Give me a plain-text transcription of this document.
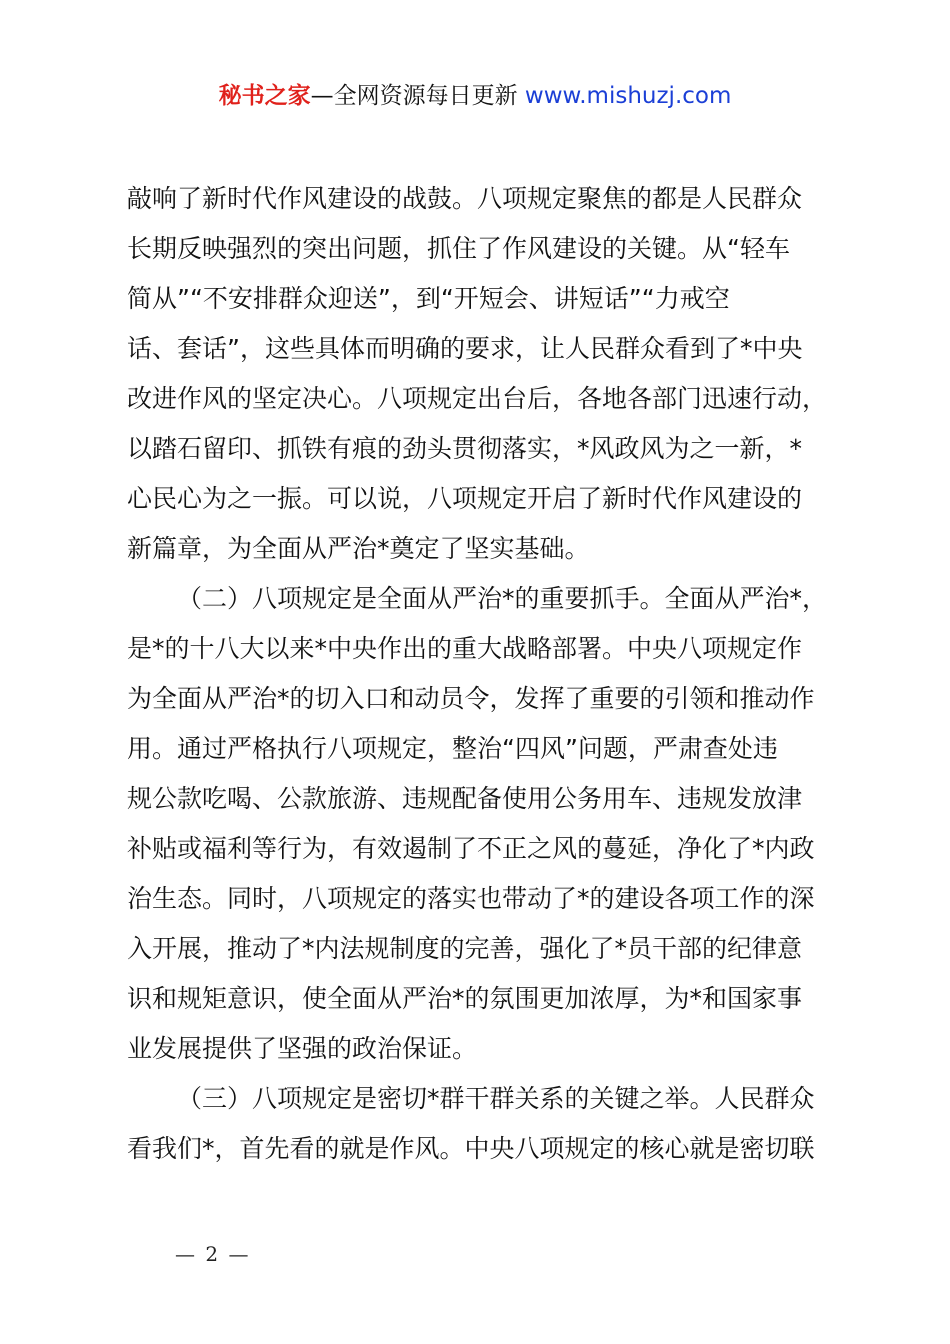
秘书之家—全网资源每日更新 www.mishuzj.com
敲响了新时代作风建设的战鼓。八项规定聚焦的都是人民群众
长期反映强烈的突出问题，抓住了作风建设的关键。从“轻车
简从”“不安排群众迎送”，到“开短会、讲短话”“力戒空
话、套话”，这些具体而明确的要求，让人民群众看到了*中央
改进作风的坚定决心。八项规定出台后，各地各部门迅速行动，
以踏石留印、抓铁有痕的劲头贯彻落实，*风政风为之一新，*
心民心为之一振。可以说，八项规定开启了新时代作风建设的
新篇章，为全面从严治*奠定了坚实基础。
（二）八项规定是全面从严治*的重要抓手。全面从严治*，
是*的十八大以来*中央作出的重大战略部署。中央八项规定作
为全面从严治*的切入口和动员令，发挥了重要的引领和推动作
用。通过严格执行八项规定，整治“四风”问题，严肃查处违
规公款吃喝、公款旅游、违规配备使用公务用车、违规发放津
补贴或福利等行为，有效遏制了不正之风的蔓延，净化了*内政
治生态。同时，八项规定的落实也带动了*的建设各项工作的深
入开展，推动了*内法规制度的完善，强化了*员干部的纪律意
识和规矩意识，使全面从严治*的氛围更加浓厚，为*和国家事
业发展提供了坚强的政治保证。
（三）八项规定是密切*群干群关系的关键之举。人民群众
看我们*，首先看的就是作风。中央八项规定的核心就是密切联
— 2 —
